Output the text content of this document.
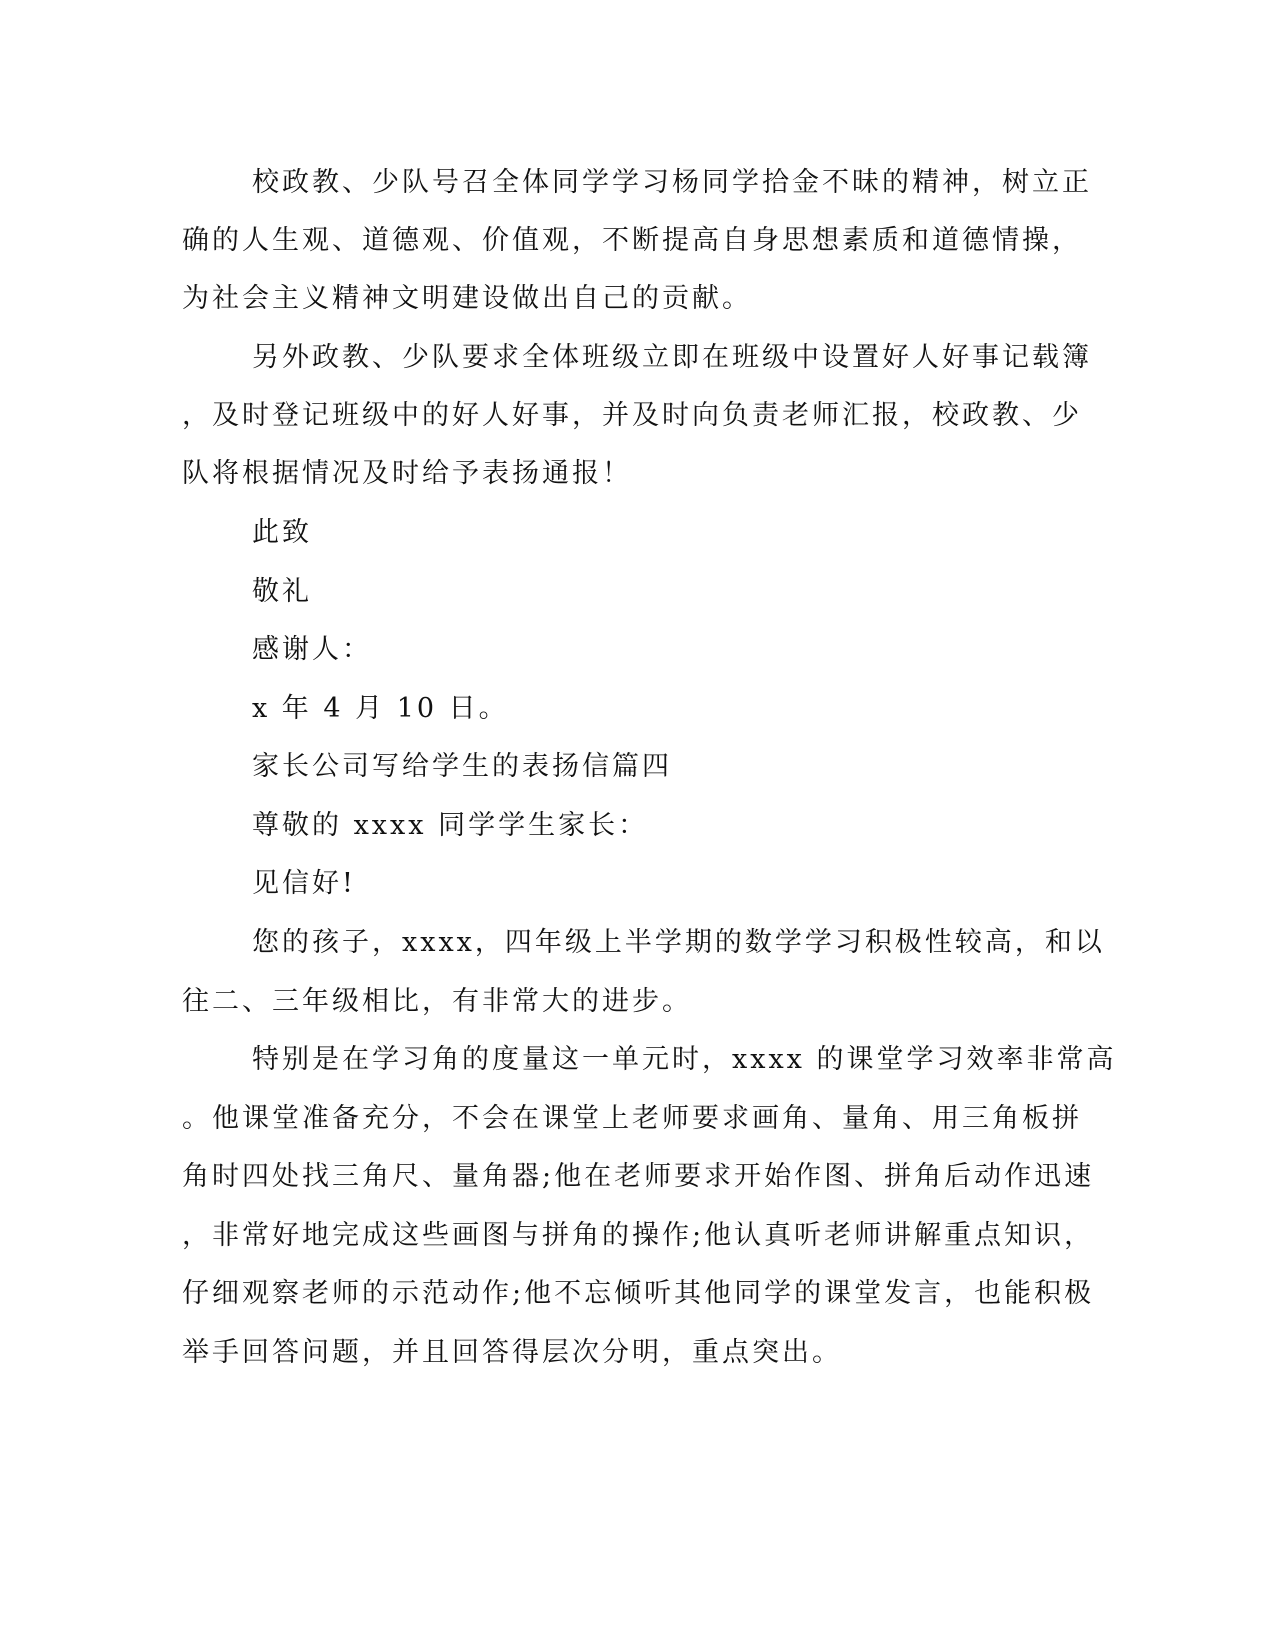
校政教、少队号召全体同学学习杨同学拾金不昧的精神，树立正
确的人生观、道德观、价值观，不断提高自身思想素质和道德情操，
为社会主义精神文明建设做出自己的贡献。
另外政教、少队要求全体班级立即在班级中设置好人好事记载簿
，及时登记班级中的好人好事，并及时向负责老师汇报，校政教、少
队将根据情况及时给予表扬通报！
此致
敬礼
感谢人：
x 年 4 月 10 日。
家长公司写给学生的表扬信篇四
尊敬的 xxxx 同学学生家长：
见信好!
您的孩子，xxxx，四年级上半学期的数学学习积极性较高，和以
往二、三年级相比，有非常大的进步。
特别是在学习角的度量这一单元时，xxxx 的课堂学习效率非常高
。他课堂准备充分，不会在课堂上老师要求画角、量角、用三角板拼
角时四处找三角尺、量角器;他在老师要求开始作图、拼角后动作迅速
，非常好地完成这些画图与拼角的操作;他认真听老师讲解重点知识，
仔细观察老师的示范动作;他不忘倾听其他同学的课堂发言，也能积极
举手回答问题，并且回答得层次分明，重点突出。
